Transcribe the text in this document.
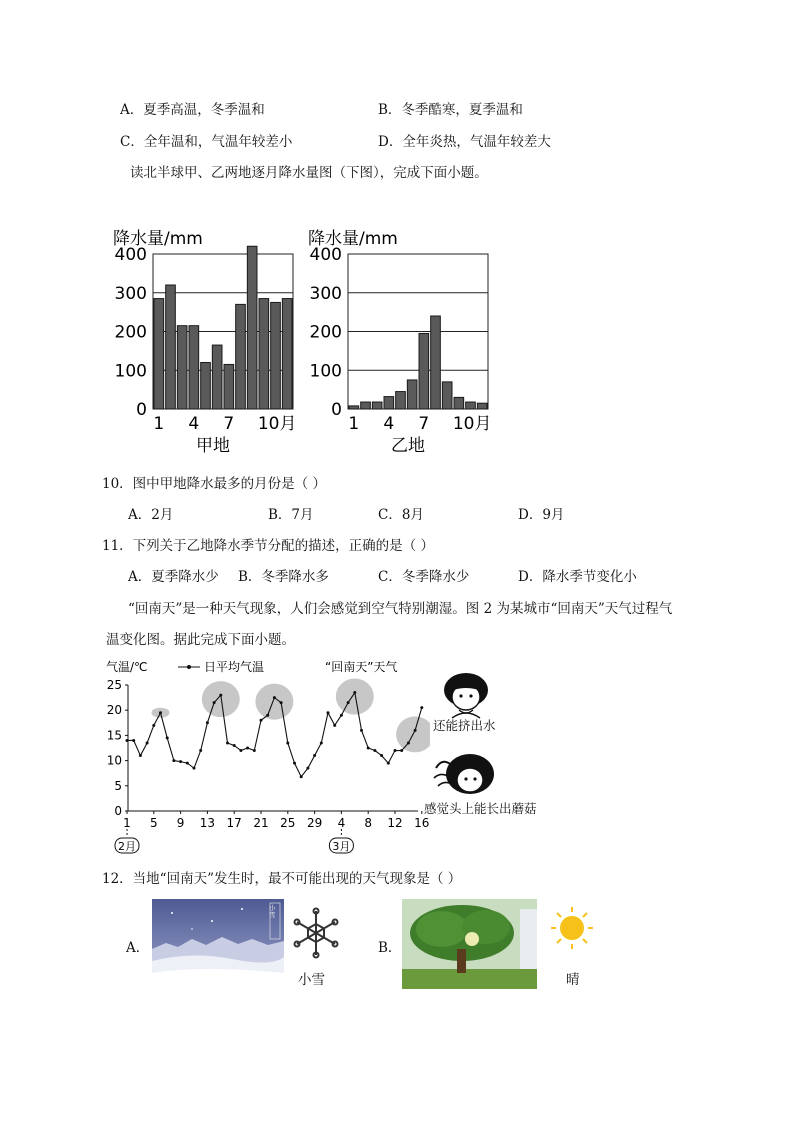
A．夏季高温，冬季温和	B．冬季酷寒，夏季温和
C．全年温和，气温年较差小	D．全年炎热，气温年较差大
读北半球甲、乙两地逐月降水量图（下图），完成下面小题。
降水量/mm
0
100
200
300
400
1 4 7 10月
甲地
降水量/mm
0
100
200
300
400
1 4 7 10月
乙地
10．图中甲地降水最多的月份是（ ）
A．2月	B．7月	C．8月	D．9月
11．下列关于乙地降水季节分配的描述，正确的是（ ）
A．夏季降水少 B．冬季降水多	C．冬季降水少	D．降水季节变化小
“回南天”是一种天气现象，人们会感觉到空气特别潮湿。图 2 为某城市“回南天”天气过程气
温变化图。据此完成下面小题。
气温/℃	日平均气温	“回南天”天气
0
5
10
15
20
25
1 5 9 13 17 21 25 29 4 8 12 16
2月	3月
还能挤出水
感觉头上能长出蘑菇
12．当地“回南天”发生时，最不可能出现的天气现象是（ ）
A．
小 雪
小雪
B．
晴
